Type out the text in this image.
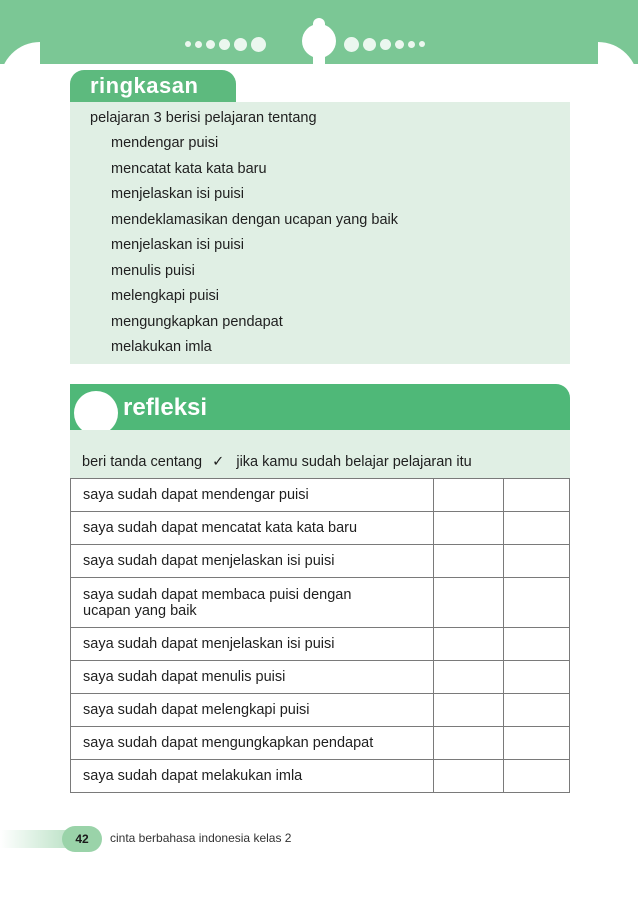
ringkasan
pelajaran 3 berisi pelajaran tentang
mendengar puisi
mencatat kata kata baru
menjelaskan isi puisi
mendeklamasikan dengan ucapan yang baik
menjelaskan isi puisi
menulis puisi
melengkapi puisi
mengungkapkan pendapat
melakukan imla
refleksi
beri tanda centang ✓ jika kamu sudah belajar pelajaran itu
saya sudah dapat mendengar puisi		

saya sudah dapat mencatat kata kata baru		

saya sudah dapat menjelaskan isi puisi		

saya sudah dapat membaca puisi dengan
ucapan yang baik		

saya sudah dapat menjelaskan isi puisi		

saya sudah dapat menulis puisi		

saya sudah dapat melengkapi puisi		

saya sudah dapat mengungkapkan pendapat		

saya sudah dapat melakukan imla		

42	cinta berbahasa indonesia kelas 2
